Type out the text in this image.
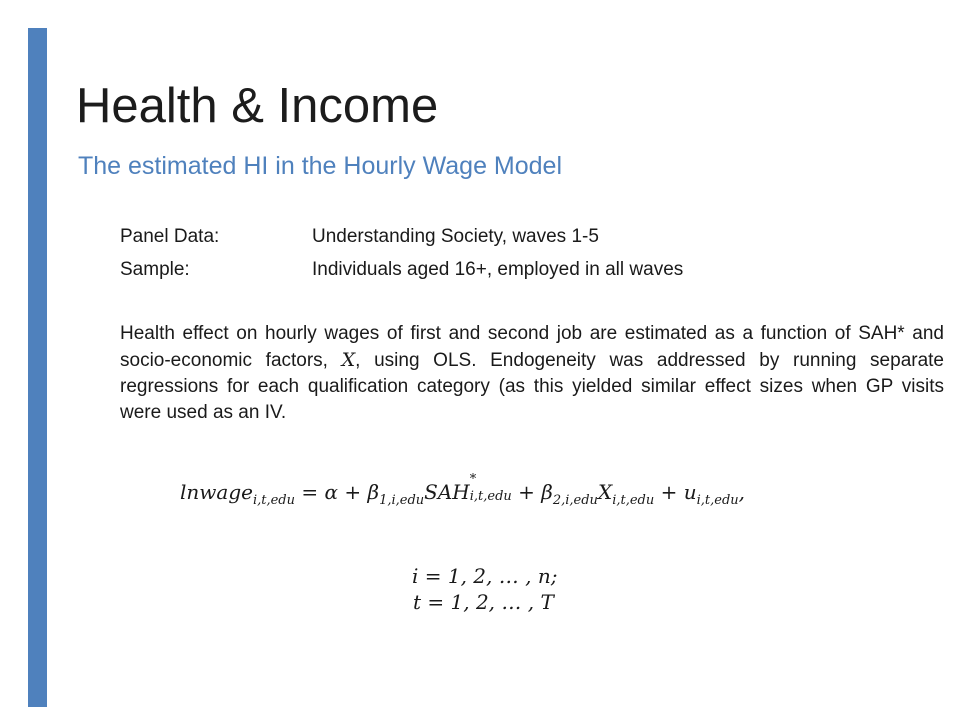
Health & Income
The estimated HI in the Hourly Wage Model
Panel Data:	Understanding Society, waves 1-5
Sample:	Individuals aged 16+, employed in all waves
Health effect on hourly wages of first and second job are estimated as a function of SAH* and socio-economic factors, X, using OLS. Endogeneity was addressed by running separate regressions for each qualification category (as this yielded similar effect sizes when GP visits were used as an IV.
lnwage$_{i,t,edu}$ = $\alpha + \beta_{1,i,edu}SAH$
*
$i,t,edu + \beta_{2,i,edu}X_{i,t,edu} + u_{i,t,edu}$,
i = 1, 2, … , n;
t = 1, 2, … , T
